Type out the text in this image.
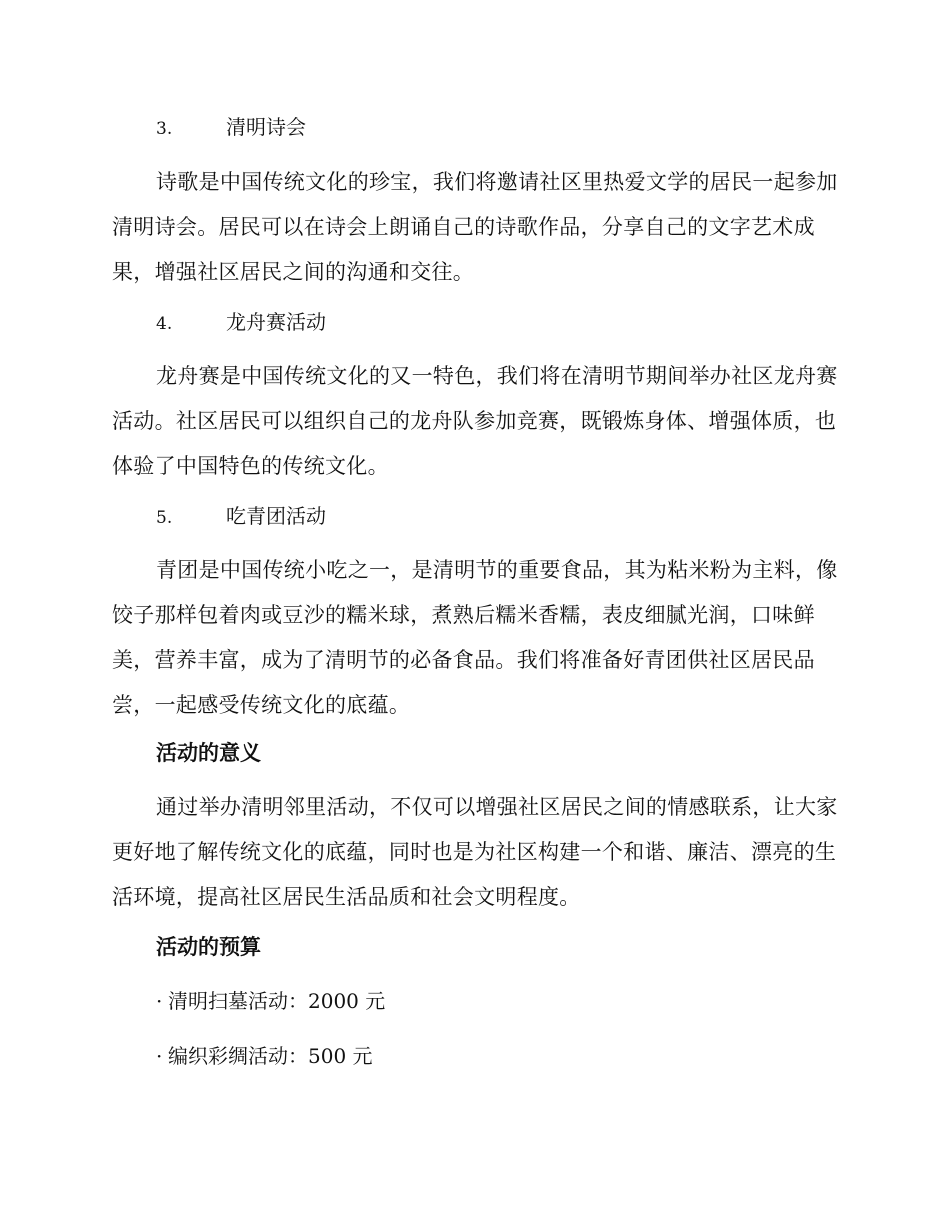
3.	清明诗会

诗歌是中国传统文化的珍宝，我们将邀请社区里热爱文学的居民一起参加清明诗会。居民可以在诗会上朗诵自己的诗歌作品，分享自己的文字艺术成果，增强社区居民之间的沟通和交往。

4.	龙舟赛活动

龙舟赛是中国传统文化的又一特色，我们将在清明节期间举办社区龙舟赛活动。社区居民可以组织自己的龙舟队参加竞赛，既锻炼身体、增强体质，也体验了中国特色的传统文化。

5.	吃青团活动

青团是中国传统小吃之一，是清明节的重要食品，其为粘米粉为主料，像饺子那样包着肉或豆沙的糯米球，煮熟后糯米香糯，表皮细腻光润，口味鲜美，营养丰富，成为了清明节的必备食品。我们将准备好青团供社区居民品尝，一起感受传统文化的底蕴。

活动的意义

通过举办清明邻里活动，不仅可以增强社区居民之间的情感联系，让大家更好地了解传统文化的底蕴，同时也是为社区构建一个和谐、廉洁、漂亮的生活环境，提高社区居民生活品质和社会文明程度。

活动的预算
· 清明扫墓活动：2000 元
· 编织彩绸活动：500 元
